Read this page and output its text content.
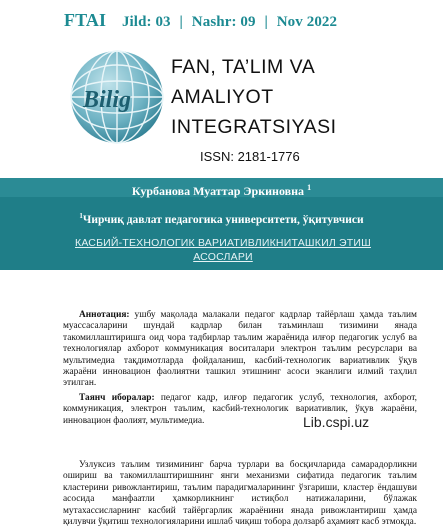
FTAI Jild: 03 | Nashr: 09 | Nov 2022
Bilig
FAN, TA’LIM VA
AMALIYOT
INTEGRATSIYASI
ISSN: 2181-1776
Курбанова Муаттар Эркиновна $^1$
$^1$Чирчиқ давлат педагогика университети, ўқитувчиси
КАСБИЙ-ТЕХНОЛОГИК ВАРИАТИВЛИКНИТАШКИЛ ЭТИШ АСОСЛАРИ

Аннотация: ушбу мақолада малакали педагог кадрлар тайёрлаш ҳамда таълим муассасаларини шундай кадрлар билан таъминлаш тизимини янада такомиллаштиришга оид чора тадбирлар таълим жараёнида илғор педагогик услуб ва технологиялар ахборот коммуникация воситалари электрон таълим ресурслари ва мультимедиа тақдимотларда фойдаланиш, касбий-технологик вариативлик ўқув жараёни инновацион фаолиятни ташкил этишнинг асоси эканлиги илмий таҳлил этилган.

Таянч иборалар: педагог кадр, илғор педагогик услуб, технология, ахборот, коммуникация, электрон таълим, касбий-технологик вариативлик, ўқув жараёни, инновацион фаолият, мультимедиа.	Lib.cspi.uz

Узлуксиз таълим тизимининг барча турлари ва босқичларида самарадорликни ошириш ва такомиллаштиришнинг янги механизми сифатида педагогик таълим кластерини ривожлантириш, таълим парадигмаларининг ўзгариши, кластер ёндашуви асосида манфаатли ҳамкорликнинг истиқбол натижаларини, бўлажак мутахассисларнинг касбий тайёргарлик жараёнини янада ривожлантириш ҳамда қилувчи ўқитиш технологияларини ишлаб чиқиш тобора долзарб аҳамият касб этмоқда.
